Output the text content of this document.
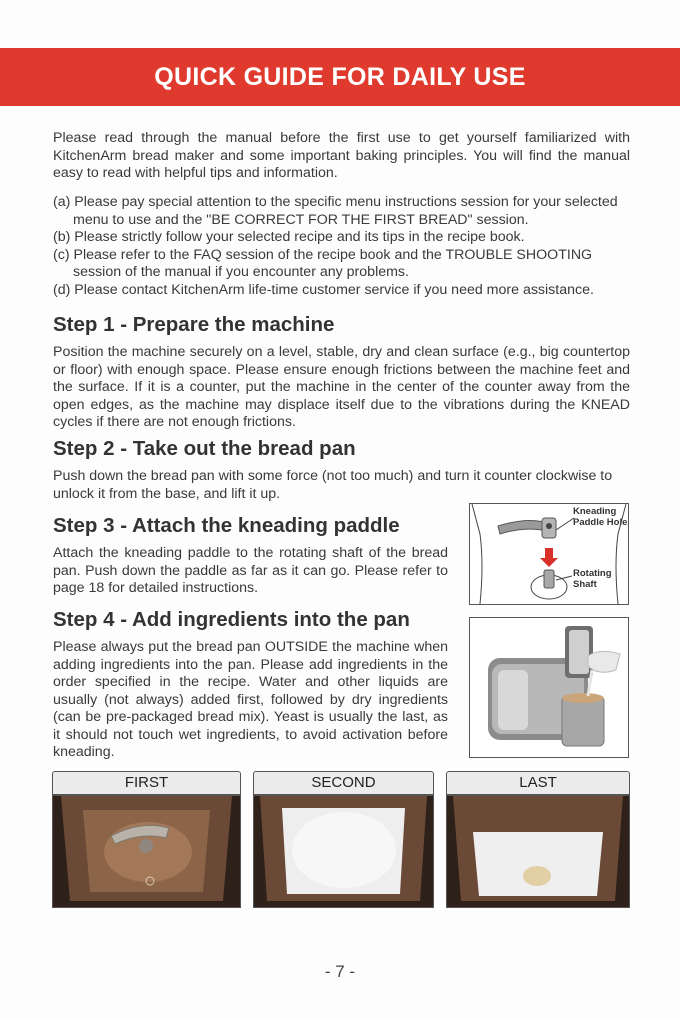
QUICK GUIDE FOR DAILY USE

Please read through the manual before the first use to get yourself familiarized with KitchenArm bread maker and some important baking principles. You will find the manual easy to read with helpful tips and information.

(a) Please pay special attention to the specific menu instructions session for your selected menu to use and the "BE CORRECT FOR THE FIRST BREAD" session.
(b) Please strictly follow your selected recipe and its tips in the recipe book.
(c) Please refer to the FAQ session of the recipe book and the TROUBLE SHOOTING session of the manual if you encounter any problems.
(d) Please contact KitchenArm life-time customer service if you need more assistance.
Step 1 - Prepare the machine

Position the machine securely on a level, stable, dry and clean surface (e.g., big countertop or floor) with enough space. Please ensure enough frictions between the machine feet and the surface. If it is a counter, put the machine in the center of the counter away from the open edges, as the machine may displace itself due to the vibrations during the KNEAD cycles if there are not enough frictions.

Step 2 - Take out the bread pan

Push down the bread pan with some force (not too much) and turn it counter clockwise to unlock it from the base, and lift it up.

Step 3 - Attach the kneading paddle

Attach the kneading paddle to the rotating shaft of the bread pan. Push down the paddle as far as it can go. Please refer to page 18 for detailed instructions.

Step 4 - Add ingredients into the pan

Please always put the bread pan OUTSIDE the machine when adding ingredients into the pan. Please add ingredients in the order specified in the recipe. Water and other liquids are usually (not always) added first, followed by dry ingredients (can be pre-packaged bread mix). Yeast is usually the last, as it should not touch wet ingredients, to avoid activation before kneading.

Kneading Paddle Hole
Rotating Shaft
FIRST	SECOND	LAST
- 7 -
